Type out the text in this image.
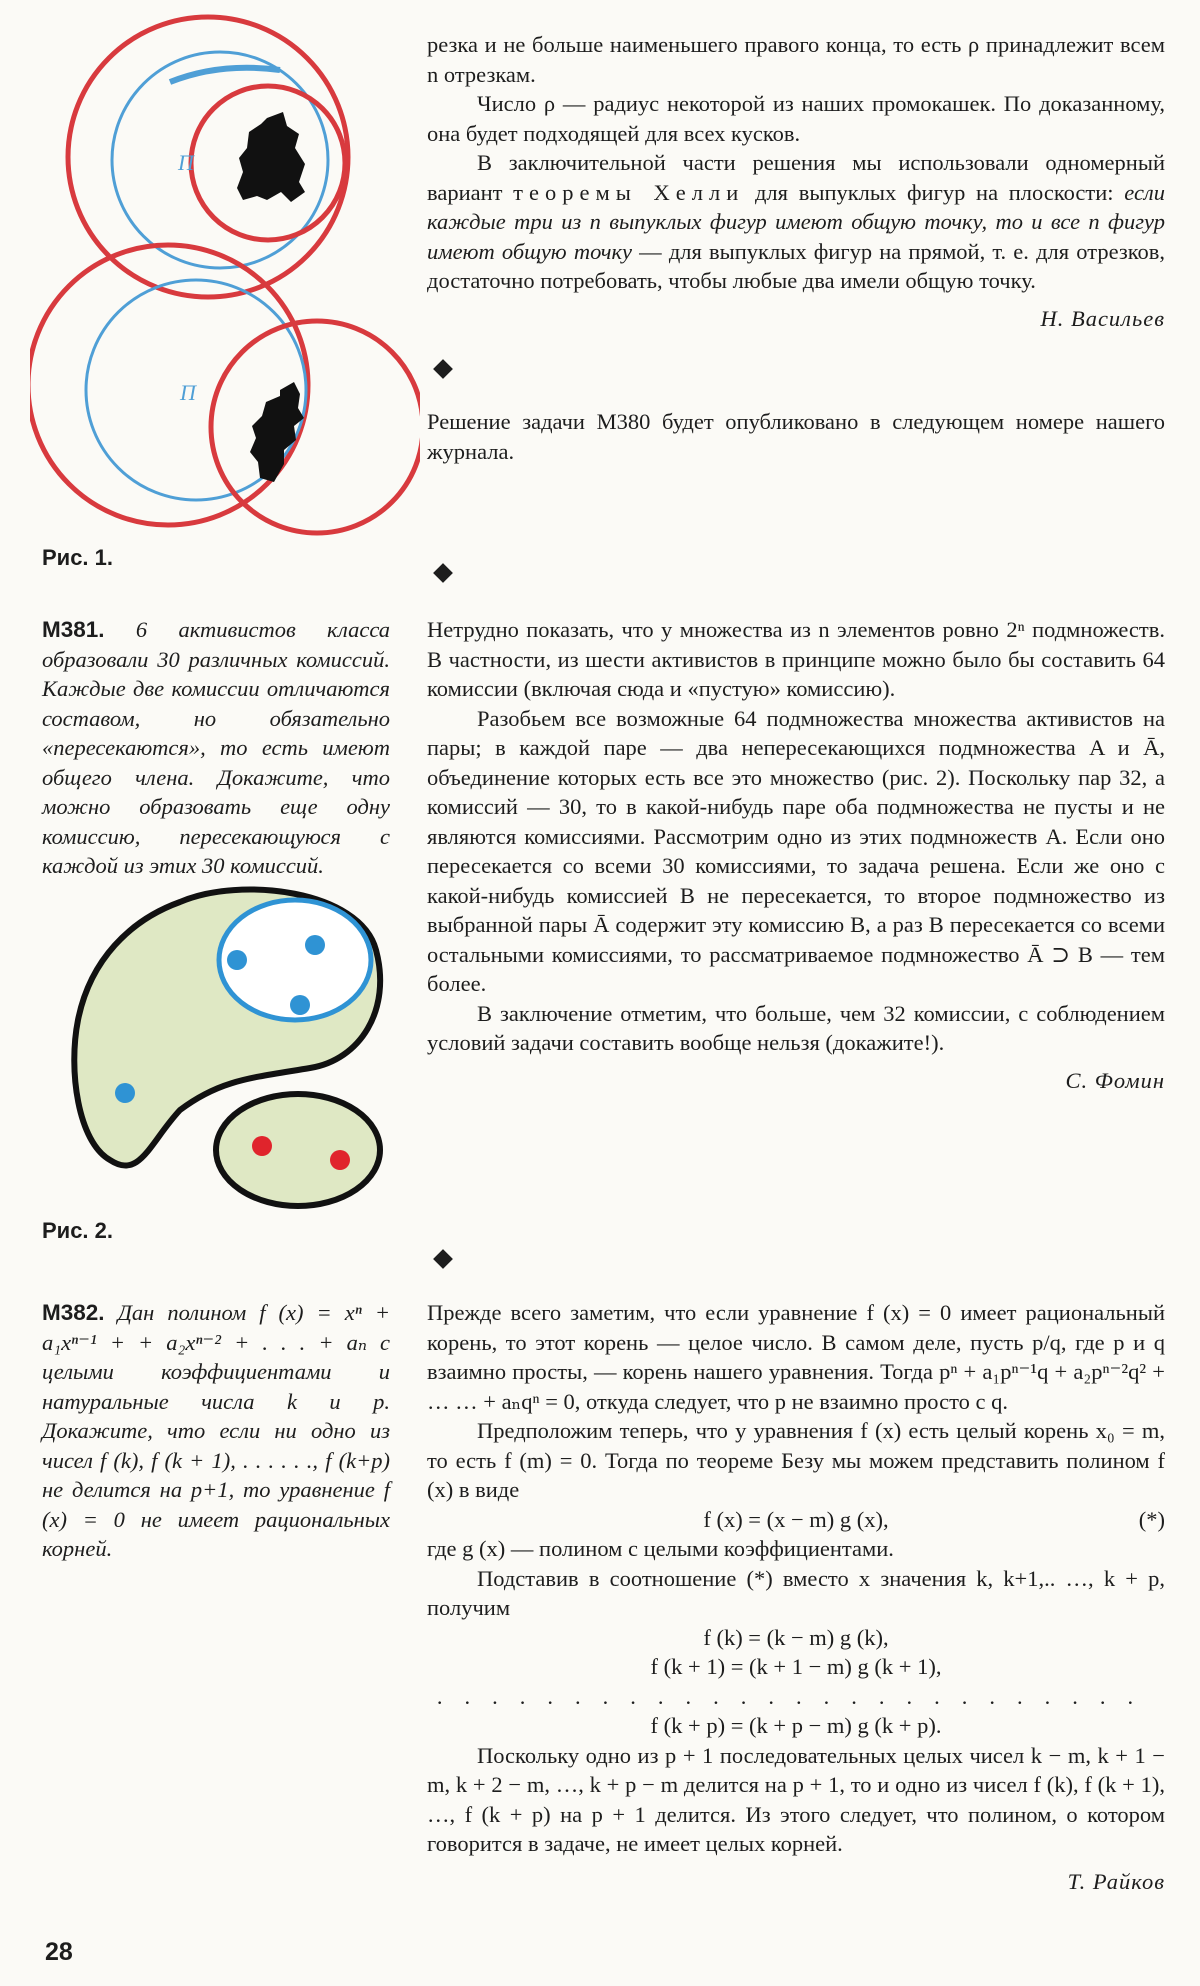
П
П
Рис. 1.

резка и не больше наименьшего правого конца, то есть ρ принадлежит всем n отрезкам.

Число ρ — радиус некоторой из наших промокашек. По доказанному, она будет подходящей для всех кусков.

В заключительной части решения мы использовали одномерный вариант теоремы Хелли для выпуклых фигур на плоскости: если каждые три из n выпуклых фигур имеют общую точку, то и все n фигур имеют общую точку — для выпуклых фигур на прямой, т. е. для отрезков, достаточно потребовать, чтобы любые два имели общую точку.

Н. Васильев

Решение задачи М380 будет опубликовано в следующем номере нашего журнала.

М381. 6 активистов класса образовали 30 различных комиссий. Каждые две комиссии отличаются составом, но обязательно «пересекаются», то есть имеют общего члена. Докажите, что можно образовать еще одну комиссию, пересекающуюся с каждой из этих 30 комиссий.

Рис. 2.

Нетрудно показать, что у множества из n элементов ровно 2ⁿ подмножеств. В частности, из шести активистов в принципе можно было бы составить 64 комиссии (включая сюда и «пустую» комиссию).

Разобьем все возможные 64 подмножества множества активистов на пары; в каждой паре — два непересекающихся подмножества A и Ā, объединение которых есть все это множество (рис. 2). Поскольку пар 32, а комиссий — 30, то в какой-нибудь паре оба подмножества не пусты и не являются комиссиями. Рассмотрим одно из этих подмножеств A. Если оно пересекается со всеми 30 комиссиями, то задача решена. Если же оно с какой-нибудь комиссией B не пересекается, то второе подмножество из выбранной пары Ā содержит эту комиссию B, а раз B пересекается со всеми остальными комиссиями, то рассматриваемое подмножество Ā ⊃ B — тем более.

В заключение отметим, что больше, чем 32 комиссии, с соблюдением условий задачи составить вообще нельзя (докажите!).

С. Фомин

М382. Дан полином f (x) = xⁿ + a₁xⁿ⁻¹ + + a₂xⁿ⁻² + . . . + aₙ с целыми коэффициентами и натуральные числа k и p. Докажите, что если ни одно из чисел f (k), f (k + 1), . . . . . ., f (k+p) не делится на p+1, то уравнение f (x) = 0 не имеет рациональных корней.

Прежде всего заметим, что если уравнение f (x) = 0 имеет рациональный корень, то этот корень — целое число. В самом деле, пусть p/q, где p и q взаимно просты, — корень нашего уравнения. Тогда pⁿ + a₁pⁿ⁻¹q + a₂pⁿ⁻²q² + … … + aₙqⁿ = 0, откуда следует, что p не взаимно просто с q.

Предположим теперь, что у уравнения f (x) есть целый корень x₀ = m, то есть f (m) = 0. Тогда по теореме Безу мы можем представить полином f (x) в виде

f (x) = (x − m) g (x),	(*)

где g (x) — полином с целыми коэффициентами.

Подставив в соотношение (*) вместо x значения k, k+1,.. …, k + p, получим

f (k) = (k − m) g (k),
f (k + 1) = (k + 1 − m) g (k + 1),
..........................
f (k + p) = (k + p − m) g (k + p).

Поскольку одно из p + 1 последовательных целых чисел k − m, k + 1 − m, k + 2 − m, …, k + p − m делится на p + 1, то и одно из чисел f (k), f (k + 1), …, f (k + p) на p + 1 делится. Из этого следует, что полином, о котором говорится в задаче, не имеет целых корней.

Т. Райков

28
